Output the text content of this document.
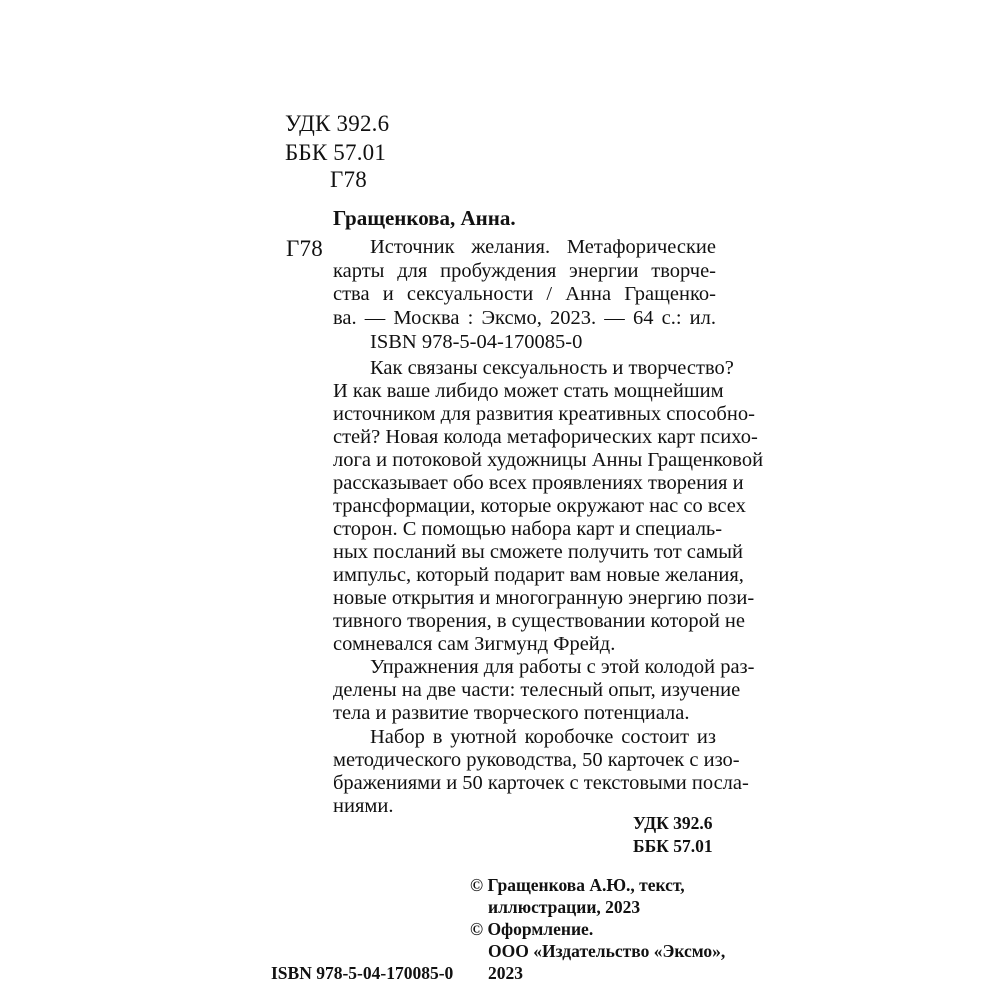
УДК 392.6
ББК 57.01
Г78
Гращенкова, Анна.
Г78 Источник желания. Метафорические
карты для пробуждения энергии творче-
ства и сексуальности / Анна Гращенко-
ва. — Москва : Эксмо, 2023. — 64 с.: ил.
ISBN 978-5-04-170085-0
Как связаны сексуальность и творчество?
И как ваше либидо может стать мощнейшим
источником для развития креативных способно-
стей? Новая колода метафорических карт психо-
лога и потоковой художницы Анны Гращенковой
рассказывает обо всех проявлениях творения и
трансформации, которые окружают нас со всех
сторон. С помощью набора карт и специаль-
ных посланий вы сможете получить тот самый
импульс, который подарит вам новые желания,
новые открытия и многогранную энергию пози-
тивного творения, в существовании которой не
сомневался сам Зигмунд Фрейд.
Упражнения для работы с этой колодой раз-
делены на две части: телесный опыт, изучение
тела и развитие творческого потенциала.
Набор в уютной коробочке состоит из
методического руководства, 50 карточек с изо-
бражениями и 50 карточек с текстовыми посла-
ниями.
УДК 392.6
ББК 57.01
© Гращенкова А.Ю., текст,
иллюстрации, 2023
© Оформление.
ООО «Издательство «Эксмо»,
2023
ISBN 978-5-04-170085-0
